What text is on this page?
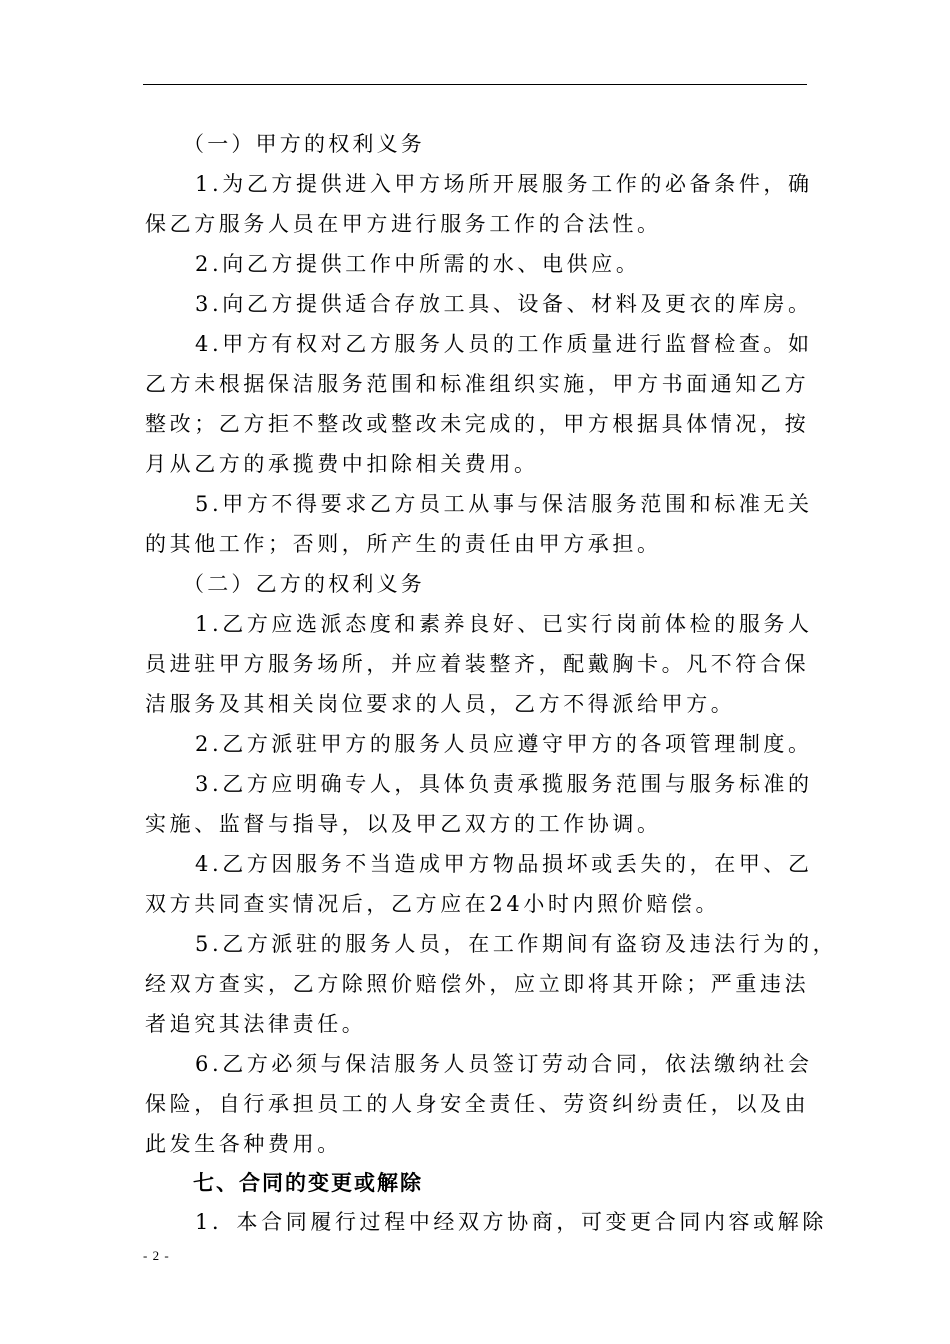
（一）甲方的权利义务
1.为乙方提供进入甲方场所开展服务工作的必备条件，确
保乙方服务人员在甲方进行服务工作的合法性。
2.向乙方提供工作中所需的水、电供应。
3.向乙方提供适合存放工具、设备、材料及更衣的库房。
4.甲方有权对乙方服务人员的工作质量进行监督检查。如
乙方未根据保洁服务范围和标准组织实施，甲方书面通知乙方
整改；乙方拒不整改或整改未完成的，甲方根据具体情况，按
月从乙方的承揽费中扣除相关费用。
5.甲方不得要求乙方员工从事与保洁服务范围和标准无关
的其他工作；否则，所产生的责任由甲方承担。
（二）乙方的权利义务
1.乙方应选派态度和素养良好、已实行岗前体检的服务人
员进驻甲方服务场所，并应着装整齐，配戴胸卡。凡不符合保
洁服务及其相关岗位要求的人员，乙方不得派给甲方。
2.乙方派驻甲方的服务人员应遵守甲方的各项管理制度。
3.乙方应明确专人，具体负责承揽服务范围与服务标准的
实施、监督与指导，以及甲乙双方的工作协调。
4.乙方因服务不当造成甲方物品损坏或丢失的，在甲、乙
双方共同查实情况后，乙方应在24小时内照价赔偿。
5.乙方派驻的服务人员，在工作期间有盗窃及违法行为的，
经双方查实，乙方除照价赔偿外，应立即将其开除；严重违法
者追究其法律责任。
6.乙方必须与保洁服务人员签订劳动合同，依法缴纳社会
保险，自行承担员工的人身安全责任、劳资纠纷责任，以及由
此发生各种费用。
七、合同的变更或解除
1．本合同履行过程中经双方协商，可变更合同内容或解除
- 2 -
